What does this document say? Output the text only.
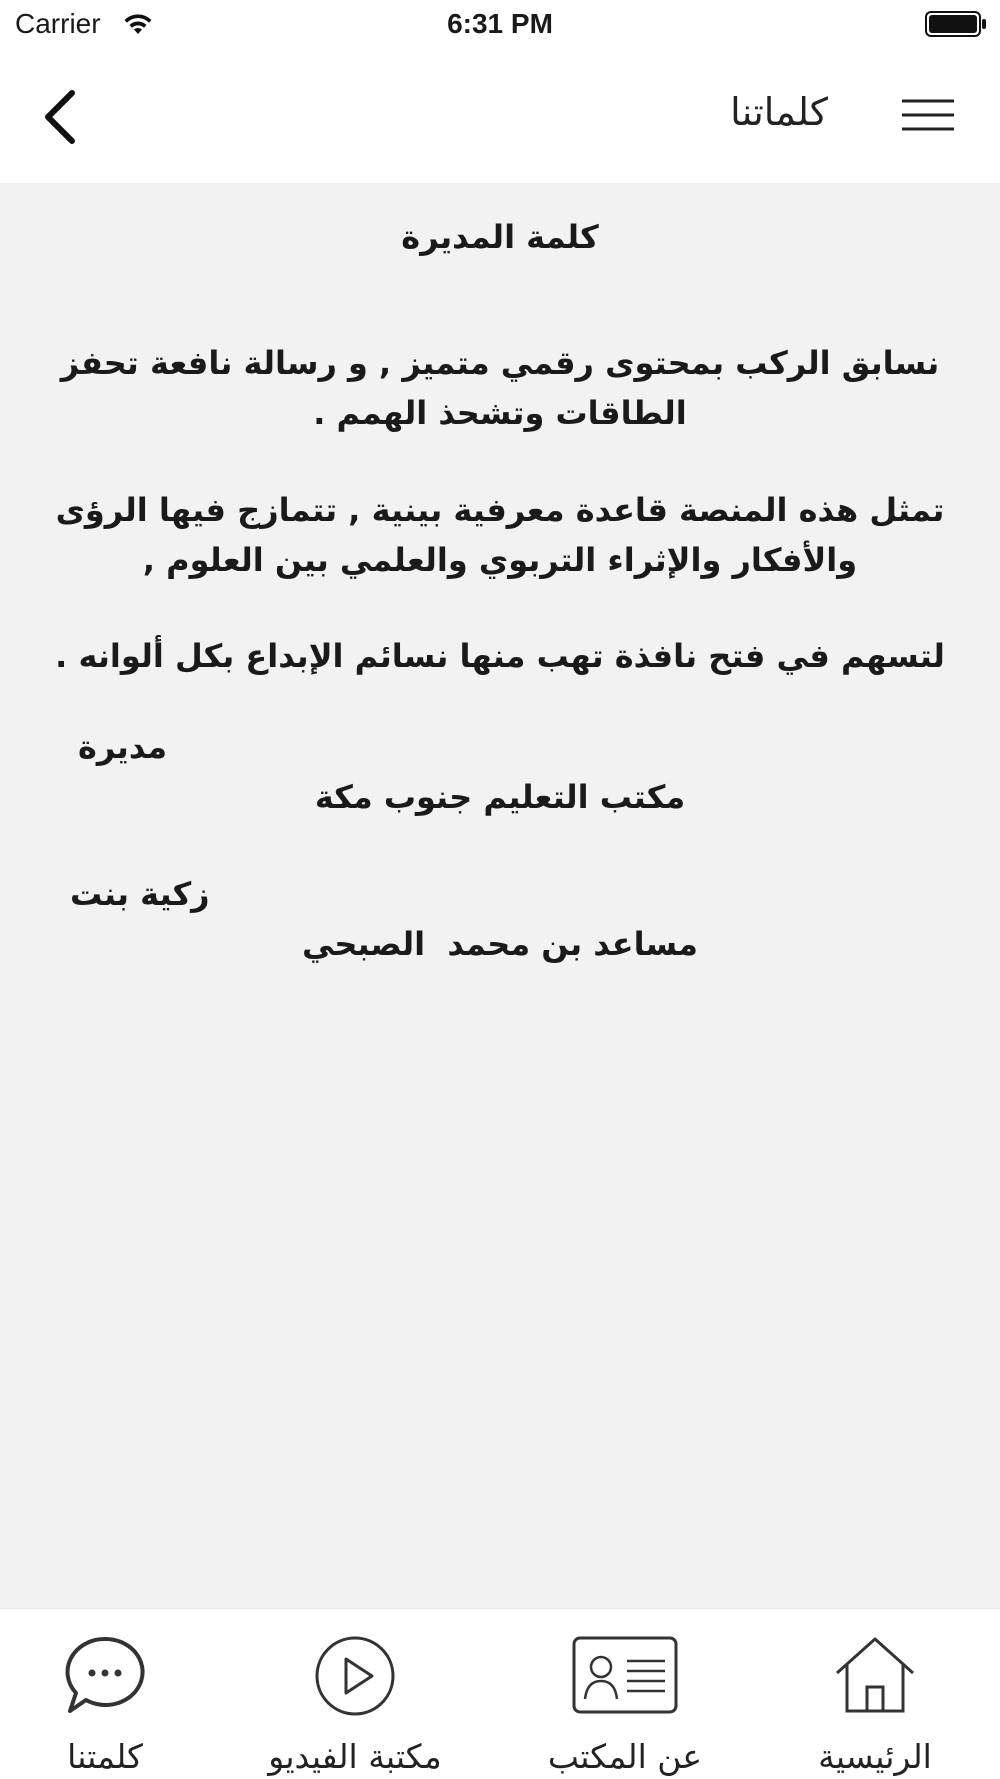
Carrier	6:31 PM
كلماتنا
كلمة المديرة
نسابق الركب بمحتوى رقمي متميز , و رسالة نافعة تحفز الطاقات وتشحذ الهمم .
تمثل هذه المنصة قاعدة معرفية بينية , تتمازج فيها الرؤى والأفكار والإثراء التربوي والعلمي بين العلوم ,
لتسهم في فتح نافذة تهب منها نسائم الإبداع بكل ألوانه .
مديرة
مكتب التعليم جنوب مكة
زكية بنت
مساعد بن محمد  الصبحي
الرئيسية
عن المكتب
مكتبة الفيديو
كلمتنا
